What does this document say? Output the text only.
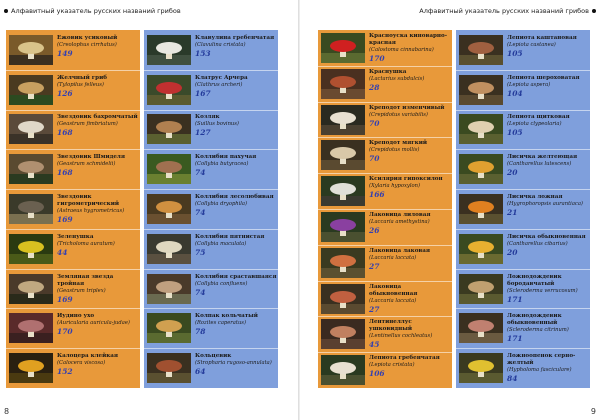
Алфавитный указатель русских названий грибов
Ежовик усиковый
(Creolophus cirrhatus)
149
Желчный гриб
(Tylopilus felleus)
126
Звездовик бахромчатый
(Geastrum fimbriatum)
168
Звездовик Шмиделя
(Geastrum schmidelii)
168
Звездовик гигрометрический
(Astraeus hygrometricus)
169
Зеленушка
(Tricholoma auratum)
44
Земляная звезда тройная
(Geastrum triplex)
169
Иудино ухо
(Auricularia auricula-judae)
170
Калоцера клейкая
(Calocera viscosa)
152
Клавулина гребенчатая
(Clavulina cristata)
153
Клатрус Арчера
(Clathrus archeri)
167
Козляк
(Suillus bovinus)
127
Коллибия пахучая
(Collybia butyracea)
74
Коллибия лесолюбивая
(Collybia dryophila)
74
Коллибия пятнистая
(Collybia maculata)
75
Коллибия сраставшаяся
(Collybia confluens)
74
Колпак кольчатый
(Rozites caperatus)
78
Кольцевик
(Stropharia rugoso-annulata)
64
8
Алфавитный указатель русских названий грибов
Красноуска киноварно-красная
(Calostoma cinnabarina)
170
Краснушка
(Lactarius subdulcis)
28
Креподот изменчивый
(Crepidotus variabilis)
70
Креподот мягкий
(Crepidotus mollis)
70
Ксилярия гипоксилон
(Xylaria hypoxylon)
166
Лаковица лиловая
(Laccaria amethystina)
26
Лаковица лаковая
(Laccaria laccata)
27
Лаковица обыкновенная
(Laccaria laccata)
27
Лентинеллус ушковидный
(Lentinellus cochleatus)
45
Лепиота гребенчатая
(Lepiota cristata)
106
Лепиота каштановая
(Lepiota castanea)
105
Лепиота шероховатая
(Lepiota aspera)
104
Лепиота щитковая
(Lepiota clypeolaria)
105
Лисичка желтеющая
(Cantharellus lutescens)
20
Лисичка ложная
(Hygrophoropsis aurantiaca)
21
Лисичка обыкновенная
(Cantharellus cibarius)
20
Ложнодождевик бородавчатый
(Scleroderma verrucosum)
171
Ложнодождевик обыкновенный
(Scleroderma citrinum)
171
Ложноопенок серно-желтый
(Hypholoma fasciculare)
84
9
